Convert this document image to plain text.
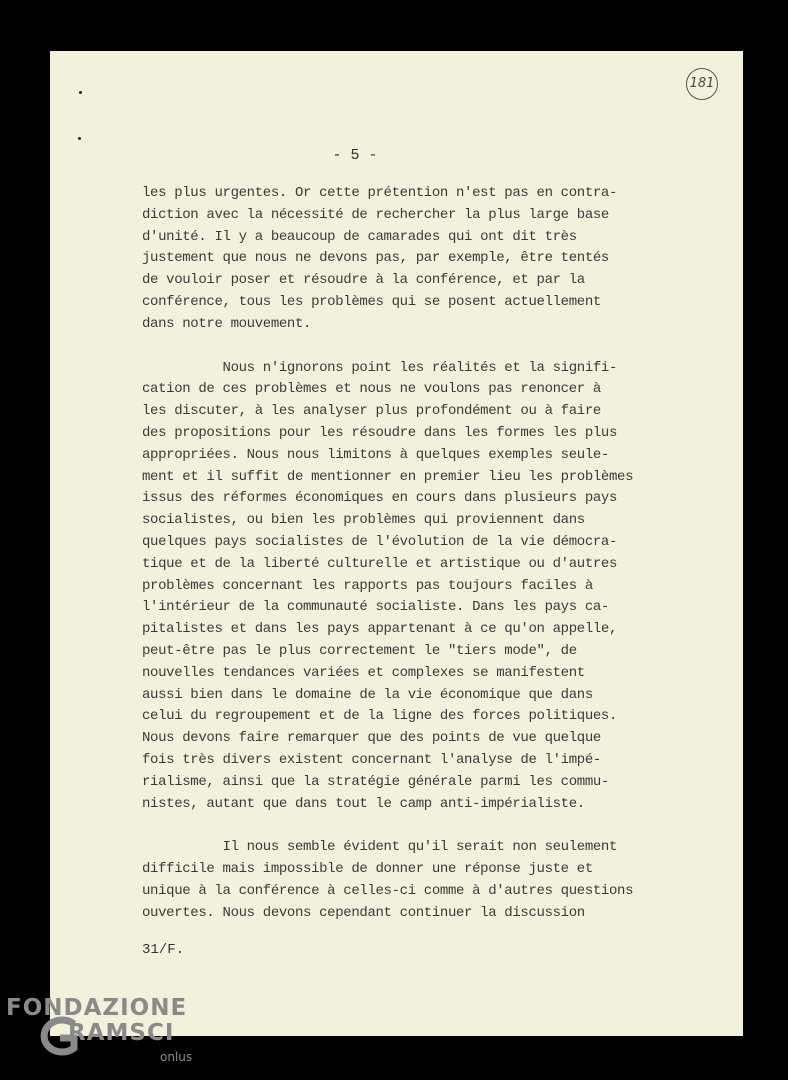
181
- 5 -
les plus urgentes. Or cette prétention n'est pas en contra-
diction avec la nécessité de rechercher la plus large base
d'unité. Il y a beaucoup de camarades qui ont dit très
justement que nous ne devons pas, par exemple, être tentés
de vouloir poser et résoudre à la conférence, et par la
conférence, tous les problèmes qui se posent actuellement
dans notre mouvement.
Nous n'ignorons point les réalités et la signifi-
cation de ces problèmes et nous ne voulons pas renoncer à
les discuter, à les analyser plus profondément ou à faire
des propositions pour les résoudre dans les formes les plus
appropriées. Nous nous limitons à quelques exemples seule-
ment et il suffit de mentionner en premier lieu les problèmes
issus des réformes économiques en cours dans plusieurs pays
socialistes, ou bien les problèmes qui proviennent dans
quelques pays socialistes de l'évolution de la vie démocra-
tique et de la liberté culturelle et artistique ou d'autres
problèmes concernant les rapports pas toujours faciles à
l'intérieur de la communauté socialiste. Dans les pays ca-
pitalistes et dans les pays appartenant à ce qu'on appelle,
peut-être pas le plus correctement le "tiers mode", de
nouvelles tendances variées et complexes se manifestent
aussi bien dans le domaine de la vie économique que dans
celui du regroupement et de la ligne des forces politiques.
Nous devons faire remarquer que des points de vue quelque
fois très divers existent concernant l'analyse de l'impé-
rialisme, ainsi que la stratégie générale parmi les commu-
nistes, autant que dans tout le camp anti-impérialiste.
Il nous semble évident qu'il serait non seulement
difficile mais impossible de donner une réponse juste et
unique à la conférence à celles-ci comme à d'autres questions
ouvertes. Nous devons cependant continuer la discussion
31/F.
FONDAZIONE
RAMSCI
onlus
